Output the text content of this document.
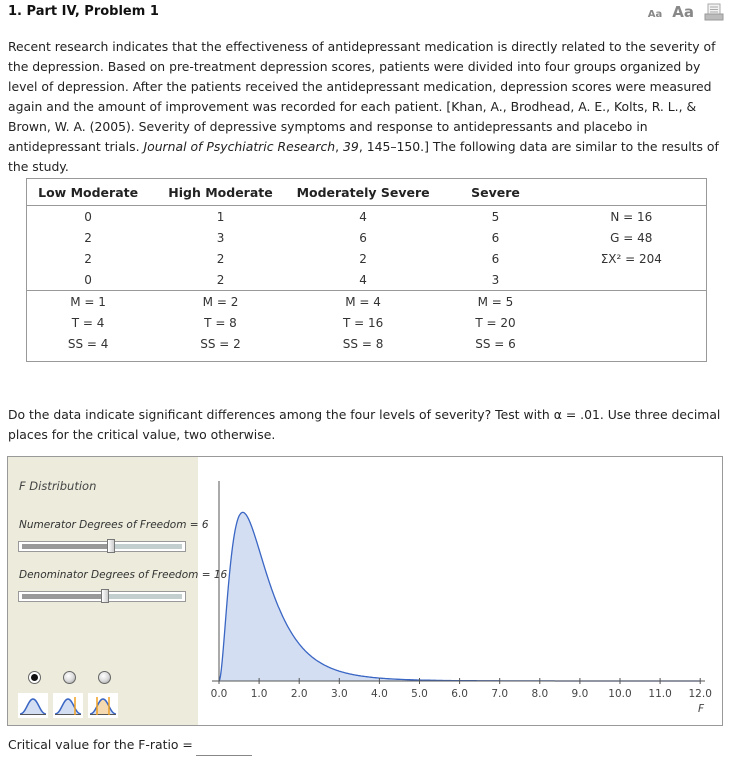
1. Part IV, Problem 1	Aa Aa
Recent research indicates that the effectiveness of antidepressant medication is directly related to the severity of the depression. Based on pre-treatment depression scores, patients were divided into four groups organized by level of depression. After the patients received the antidepressant medication, depression scores were measured again and the amount of improvement was recorded for each patient. [Khan, A., Brodhead, A. E., Kolts, R. L., & Brown, W. A. (2005). Severity of depressive symptoms and response to antidepressants and placebo in antidepressant trials. Journal of Psychiatric Research, 39, 145–150.] The following data are similar to the results of the study.
Low Moderate	High Moderate	Moderately Severe	Severe	
0	1	4	5	N = 16
2	3	6	6	G = 48
2	2	2	6	ΣX² = 204
0	2	4	3	
M = 1	M = 2	M = 4	M = 5	
T = 4	T = 8	T = 16	T = 20	
SS = 4	SS = 2	SS = 8	SS = 6	
Do the data indicate significant differences among the four levels of severity? Test with α = .01. Use three decimal places for the critical value, two otherwise.
F Distribution
Numerator Degrees of Freedom = 6
Denominator Degrees of Freedom = 16
0.0 1.0 2.0 3.0 4.0 5.0 6.0 7.0 8.0 9.0 10.0 11.0 12.0
F
Critical value for the F-ratio =
